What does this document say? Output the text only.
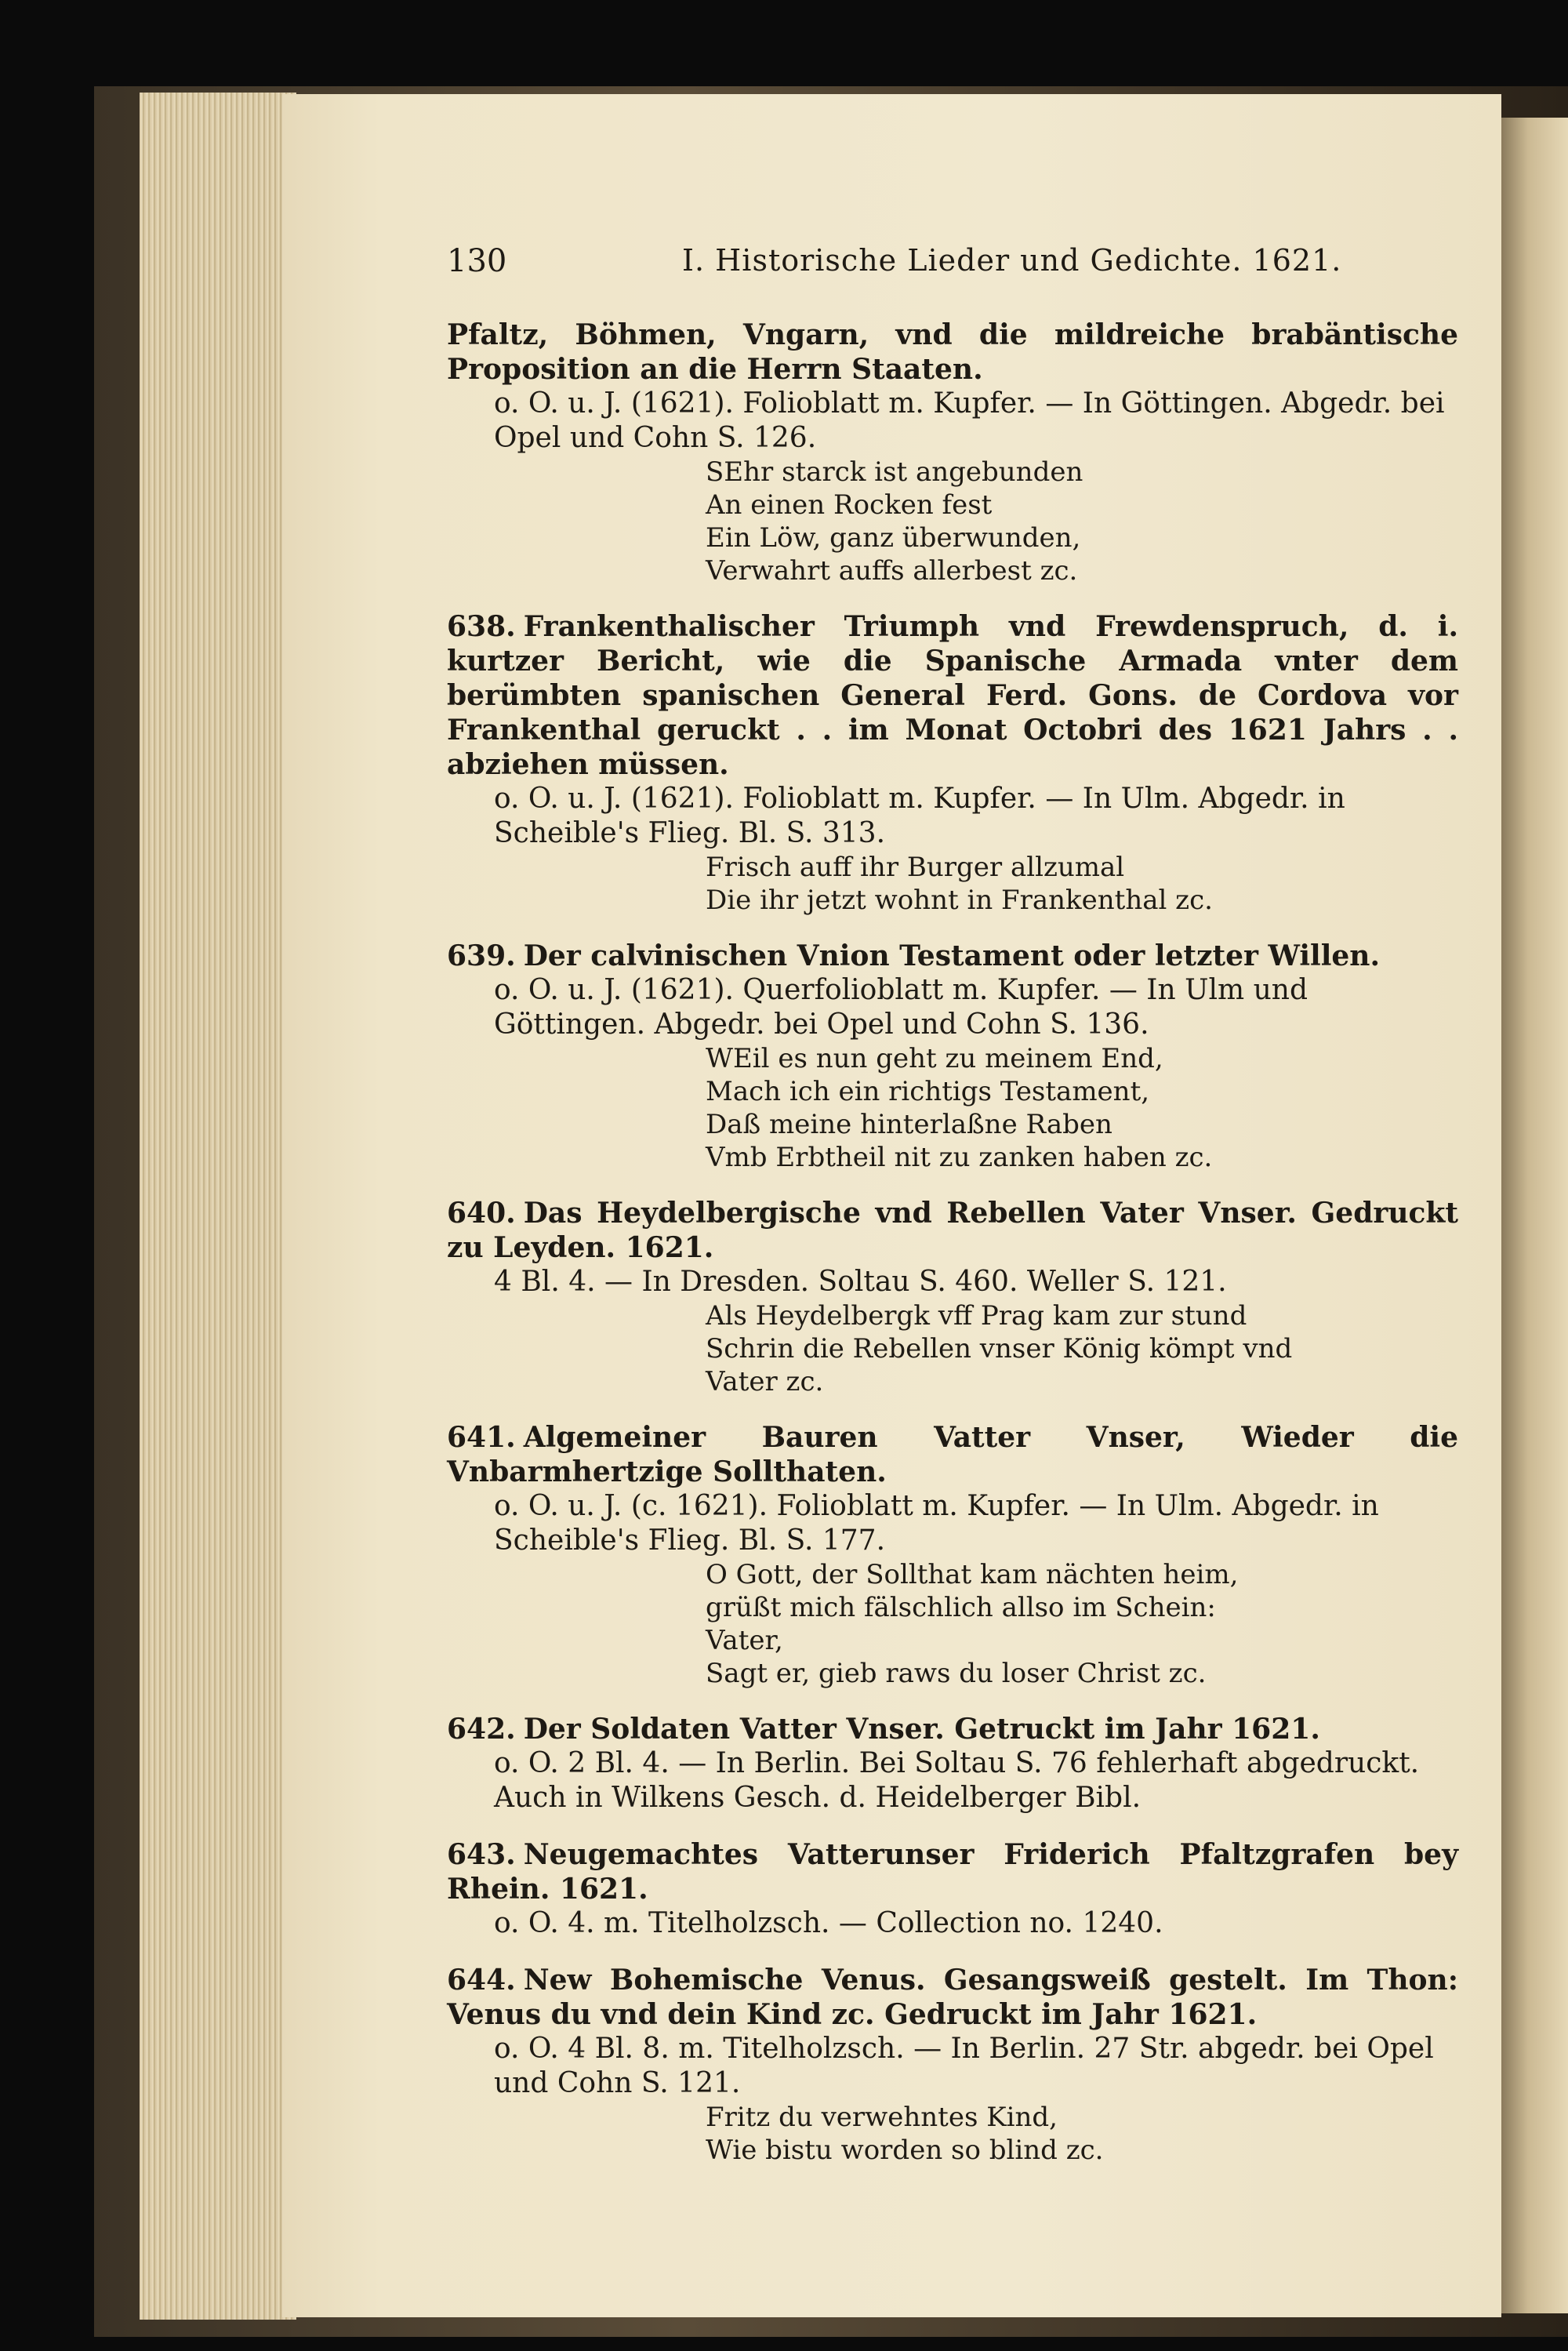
130	I. Historische Lieder und Gedichte. 1621.
Pfaltz, Böhmen, Vngarn, vnd die mildreiche brabäntische Proposition an die Herrn Staaten.
o. O. u. J. (1621). Folioblatt m. Kupfer. — In Göttingen. Abgedr. bei Opel und Cohn S. 126.
SEhr starck ist angebunden
An einen Rocken fest
Ein Löw, ganz überwunden,
Verwahrt auffs allerbest zc.
638. Frankenthalischer Triumph vnd Frewdenspruch, d. i. kurtzer Bericht, wie die Spanische Armada vnter dem berümbten spanischen General Ferd. Gons. de Cordova vor Frankenthal geruckt . . im Monat Octobri des 1621 Jahrs . . abziehen müssen.
o. O. u. J. (1621). Folioblatt m. Kupfer. — In Ulm. Abgedr. in Scheible's Flieg. Bl. S. 313.
Frisch auff ihr Burger allzumal
Die ihr jetzt wohnt in Frankenthal zc.
639. Der calvinischen Vnion Testament oder letzter Willen.
o. O. u. J. (1621). Querfolioblatt m. Kupfer. — In Ulm und Göttingen. Abgedr. bei Opel und Cohn S. 136.
WEil es nun geht zu meinem End,
Mach ich ein richtigs Testament,
Daß meine hinterlaßne Raben
Vmb Erbtheil nit zu zanken haben zc.
640. Das Heydelbergische vnd Rebellen Vater Vnser. Gedruckt zu Leyden. 1621.
4 Bl. 4. — In Dresden. Soltau S. 460. Weller S. 121.
Als Heydelbergk vff Prag kam zur stund
Schrin die Rebellen vnser König kömpt vnd
Vater zc.
641. Algemeiner Bauren Vatter Vnser, Wieder die Vnbarmhertzige Sollthaten.
o. O. u. J. (c. 1621). Folioblatt m. Kupfer. — In Ulm. Abgedr. in Scheible's Flieg. Bl. S. 177.
O Gott, der Sollthat kam nächten heim,
grüßt mich fälschlich allso im Schein:
Vater,
Sagt er, gieb raws du loser Christ zc.
642. Der Soldaten Vatter Vnser. Getruckt im Jahr 1621.
o. O. 2 Bl. 4. — In Berlin. Bei Soltau S. 76 fehlerhaft abgedruckt. Auch in Wilkens Gesch. d. Heidelberger Bibl.
643. Neugemachtes Vatterunser Friderich Pfaltzgrafen bey Rhein. 1621.
o. O. 4. m. Titelholzsch. — Collection no. 1240.
644. New Bohemische Venus. Gesangsweiß gestelt. Im Thon: Venus du vnd dein Kind zc. Gedruckt im Jahr 1621.
o. O. 4 Bl. 8. m. Titelholzsch. — In Berlin. 27 Str. abgedr. bei Opel und Cohn S. 121.
Fritz du verwehntes Kind,
Wie bistu worden so blind zc.
